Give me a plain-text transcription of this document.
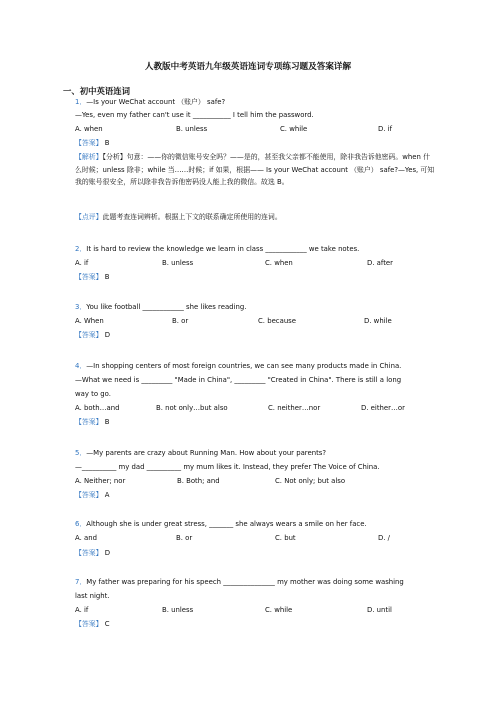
人教版中考英语九年级英语连词专项练习题及答案详解
一、初中英语连词
1．—Is your WeChat account （账户） safe?
—Yes, even my father can't use it ___________ I tell him the password.
A. when	B. unless	C. while	D. if
【答案】 B
【解析】【分析】句意：——你的微信账号安全吗？——是的，甚至我父亲都不能使用，除非我告诉他密码。when 什么时候；unless 除非；while 当……时候；if 如果，根据—— Is your WeChat account （账户） safe?—Yes, 可知我的账号很安全，所以除非我告诉他密码没人能上我的微信。故选 B。
【点评】此题考查连词辨析。根据上下文的联系确定所使用的连词。
2．It is hard to review the knowledge we learn in class ____________ we take notes.
A. if	B. unless	C. when	D. after
【答案】 B
3．You like football ____________ she likes reading.
A. When	B. or	C. because	D. while
【答案】 D
4．—In shopping centers of most foreign countries, we can see many products made in China.
—What we need is _________ "Made in China", _________ "Created in China". There is still a long
way to go.
A. both…and	B. not only…but also	C. neither…nor	D. either…or
【答案】 B
5．—My parents are crazy about Running Man. How about your parents?
—__________ my dad __________ my mum likes it. Instead, they prefer The Voice of China.
A. Neither; nor	B. Both; and	C. Not only; but also
【答案】 A
6．Although she is under great stress, _______ she always wears a smile on her face.
A. and	B. or	C. but	D. /
【答案】 D
7．My father was preparing for his speech _______________ my mother was doing some washing
last night.
A. if	B. unless	C. while	D. until
【答案】 C
